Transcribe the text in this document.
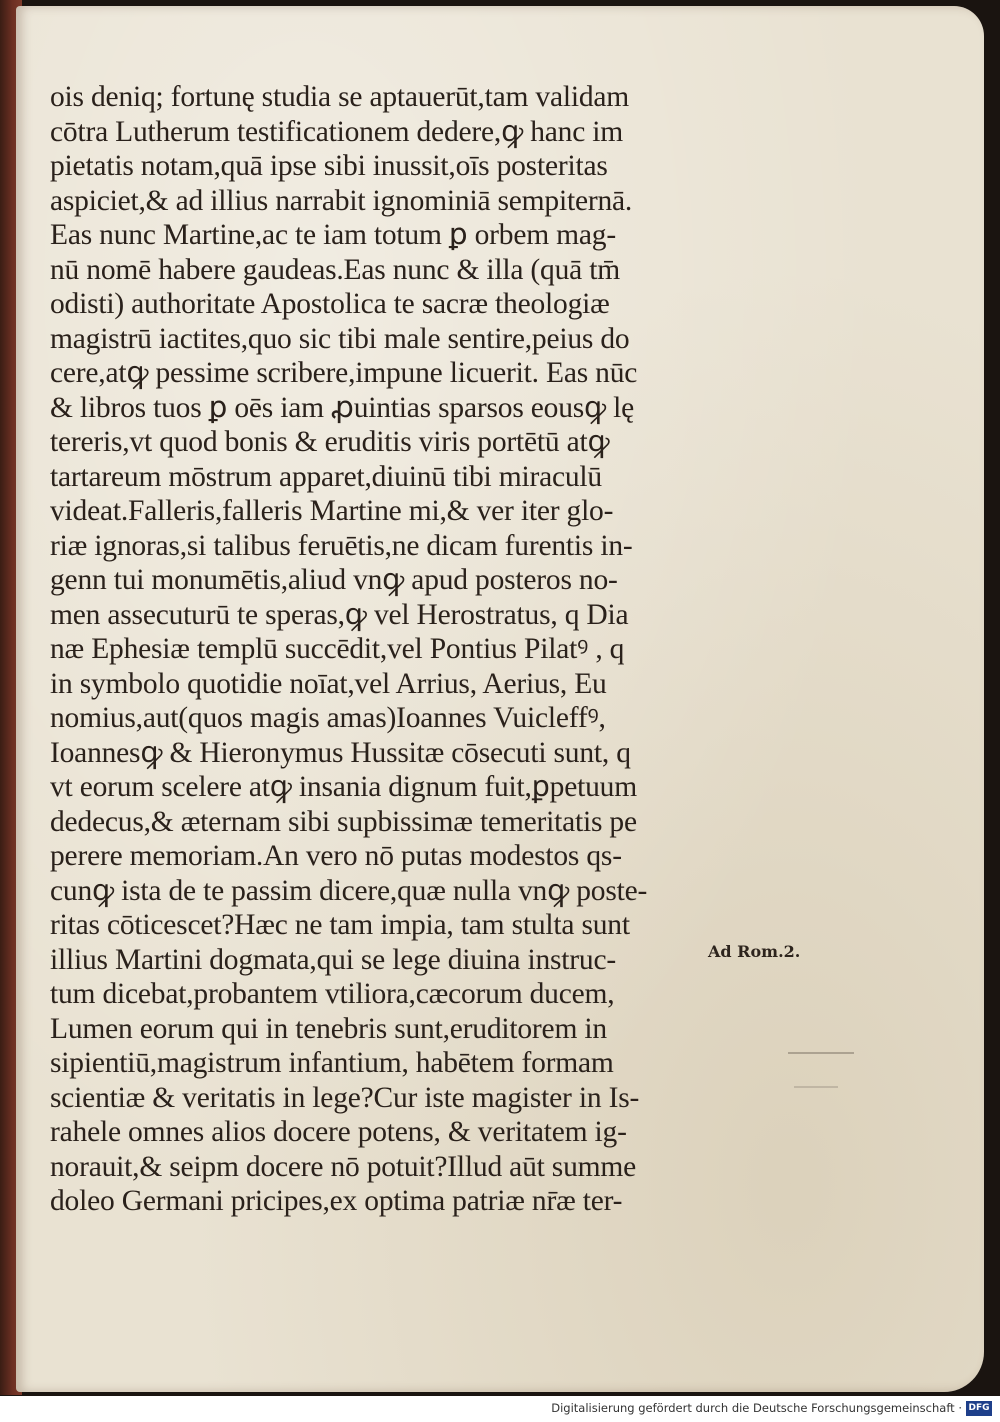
ois deniq; fortunę studia se aptauerūt,tam validam
cōtra Lutherum testificationem dedere,ꝙ hanc im
pietatis notam,quā ipse sibi inussit,oīs posteritas
aspiciet,& ad illius narrabit ignominiā sempiternā.
Eas nunc Martine,ac te iam totum ꝑ orbem mag-
nū nomē habere gaudeas.Eas nunc & illa (quā tm̄
odisti) authoritate Apostolica te sacræ theologiæ
magistrū iactites,quo sic tibi male sentire,peius do
cere,atꝙ pessime scribere,impune licuerit. Eas nūc
& libros tuos ꝑ oēs iam ꝓuintias sparsos eousꝙ lę
tereris,vt quod bonis & eruditis viris portētū atꝙ
tartareum mōstrum apparet,diuinū tibi miraculū
videat.Falleris,falleris Martine mi,& ver iter glo-
riæ ignoras,si talibus feruētis,ne dicam furentis in-
genn tui monumētis,aliud vnꝙ apud posteros no-
men assecuturū te speras,ꝙ vel Herostratus, q Dia
næ Ephesiæ templū succēdit,vel Pontius Pilatꝰ , q
in symbolo quotidie noīat,vel Arrius, Aerius, Eu
nomius,aut(quos magis amas)Ioannes Vuicleffꝰ,
Ioannesꝙ & Hieronymus Hussitæ cōsecuti sunt, q
vt eorum scelere atꝙ insania dignum fuit,ꝑpetuum
dedecus,& æternam sibi supbissimæ temeritatis pe
perere memoriam.An vero nō putas modestos qs-
cunꝙ ista de te passim dicere,quæ nulla vnꝙ poste-
ritas cōticescet?Hæc ne tam impia, tam stulta sunt
illius Martini dogmata,qui se lege diuina instruc-
tum dicebat,probantem vtiliora,cæcorum ducem,
Lumen eorum qui in tenebris sunt,eruditorem in
sipientiū,magistrum infantium, habētem formam
scientiæ & veritatis in lege?Cur iste magister in Is-
rahele omnes alios docere potens, & veritatem ig-
norauit,& seipm docere nō potuit?Illud aūt summe
doleo Germani pricipes,ex optima patriæ nr̄æ ter-
Ad Rom.2.
Digitalisierung gefördert durch die Deutsche Forschungsgemeinschaft · DFG
